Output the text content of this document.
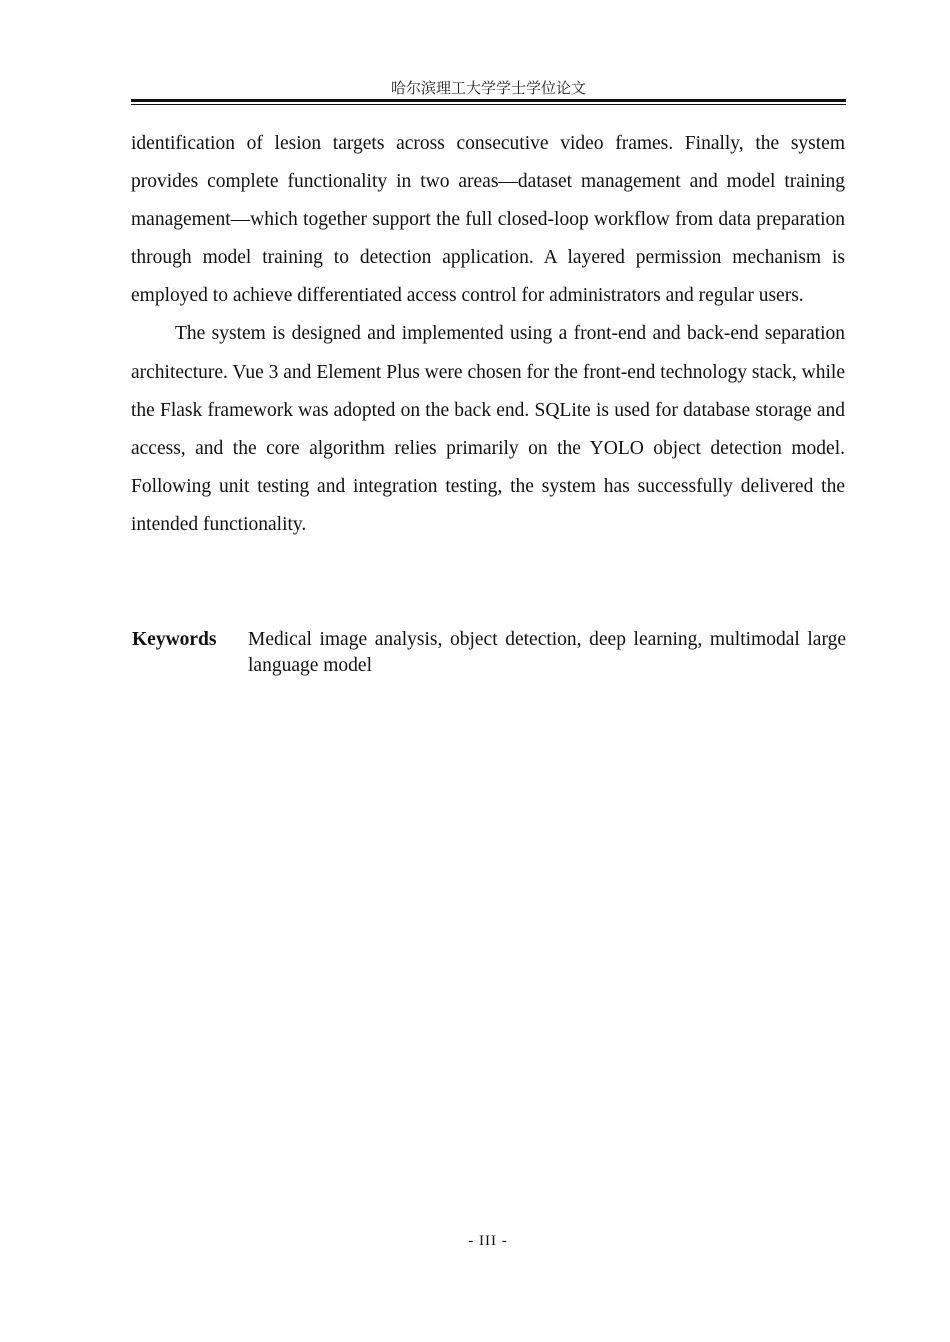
哈尔滨理工大学学士学位论文

identification of lesion targets across consecutive video frames. Finally, the system provides complete functionality in two areas—dataset management and model training management—which together support the full closed-loop workflow from data preparation through model training to detection application. A layered permission mechanism is employed to achieve differentiated access control for administrators and regular users.

The system is designed and implemented using a front-end and back-end separation architecture. Vue 3 and Element Plus were chosen for the front-end technology stack, while the Flask framework was adopted on the back end. SQLite is used for database storage and access, and the core algorithm relies primarily on the YOLO object detection model. Following unit testing and integration testing, the system has successfully delivered the intended functionality.

Keywords	Medical image analysis, object detection, deep learning, multimodal large language model
- III -
